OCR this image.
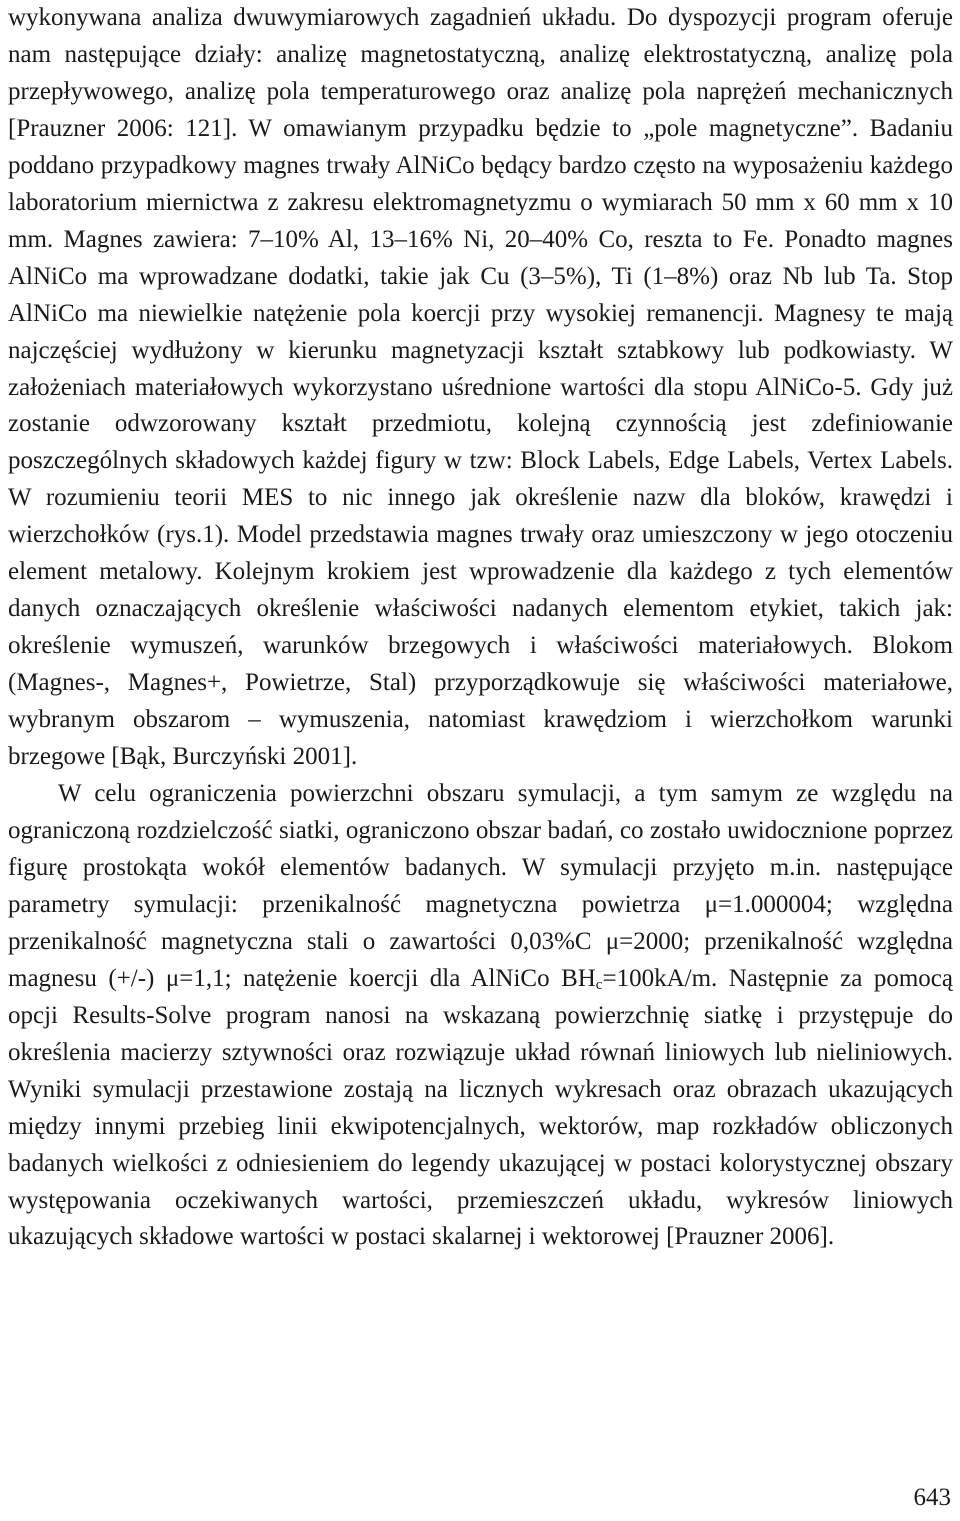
wykonywana analiza dwuwymiarowych zagadnień układu. Do dyspozycji program oferuje nam następujące działy: analizę magnetostatyczną, analizę elektrostatyczną, analizę pola przepływowego, analizę pola temperaturowego oraz analizę pola naprężeń mechanicznych [Prauzner 2006: 121]. W omawianym przypadku będzie to „pole magnetyczne”. Badaniu poddano przypadkowy magnes trwały AlNiCo będący bardzo często na wyposażeniu każdego laboratorium miernictwa z zakresu elektromagnetyzmu o wymiarach 50 mm x 60 mm x 10 mm. Magnes zawiera: 7–10% Al, 13–16% Ni, 20–40% Co, reszta to Fe. Ponadto magnes AlNiCo ma wprowadzane dodatki, takie jak Cu (3–5%), Ti (1–8%) oraz Nb lub Ta. Stop AlNiCo ma niewielkie natężenie pola koercji przy wysokiej remanencji. Magnesy te mają najczęściej wydłużony w kierunku magnetyzacji kształt sztabkowy lub podkowiasty. W założeniach materiałowych wykorzystano uśrednione wartości dla stopu AlNiCo-5. Gdy już zostanie odwzorowany kształt przedmiotu, kolejną czynnością jest zdefiniowanie poszczególnych składowych każdej figury w tzw: Block Labels, Edge Labels, Vertex Labels. W rozumieniu teorii MES to nic innego jak określenie nazw dla bloków, krawędzi i wierzchołków (rys.1). Model przedstawia magnes trwały oraz umieszczony w jego otoczeniu element metalowy. Kolejnym krokiem jest wprowadzenie dla każdego z tych elementów danych oznaczających określenie właściwości nadanych elementom etykiet, takich jak: określenie wymuszeń, warunków brzegowych i właściwości materiałowych. Blokom (Magnes-, Magnes+, Powietrze, Stal) przyporządkowuje się właściwości materiałowe, wybranym obszarom – wymuszenia, natomiast krawędziom i wierzchołkom warunki brzegowe [Bąk, Burczyński 2001].

W celu ograniczenia powierzchni obszaru symulacji, a tym samym ze względu na ograniczoną rozdzielczość siatki, ograniczono obszar badań, co zostało uwidocznione poprzez figurę prostokąta wokół elementów badanych. W symulacji przyjęto m.in. następujące parametry symulacji: przenikalność magnetyczna powietrza μ=1.000004; względna przenikalność magnetyczna stali o zawartości 0,03%C μ=2000; przenikalność względna magnesu (+/-) μ=1,1; natężenie koercji dla AlNiCo $BH_c=100kA/m$. Następnie za pomocą opcji Results-Solve program nanosi na wskazaną powierzchnię siatkę i przystępuje do określenia macierzy sztywności oraz rozwiązuje układ równań liniowych lub nieliniowych. Wyniki symulacji przestawione zostają na licznych wykresach oraz obrazach ukazujących między innymi przebieg linii ekwipotencjalnych, wektorów, map rozkładów obliczonych badanych wielkości z odniesieniem do legendy ukazującej w postaci kolorystycznej obszary występowania oczekiwanych wartości, przemieszczeń układu, wykresów liniowych ukazujących składowe wartości w postaci skalarnej i wektorowej [Prauzner 2006].

643
